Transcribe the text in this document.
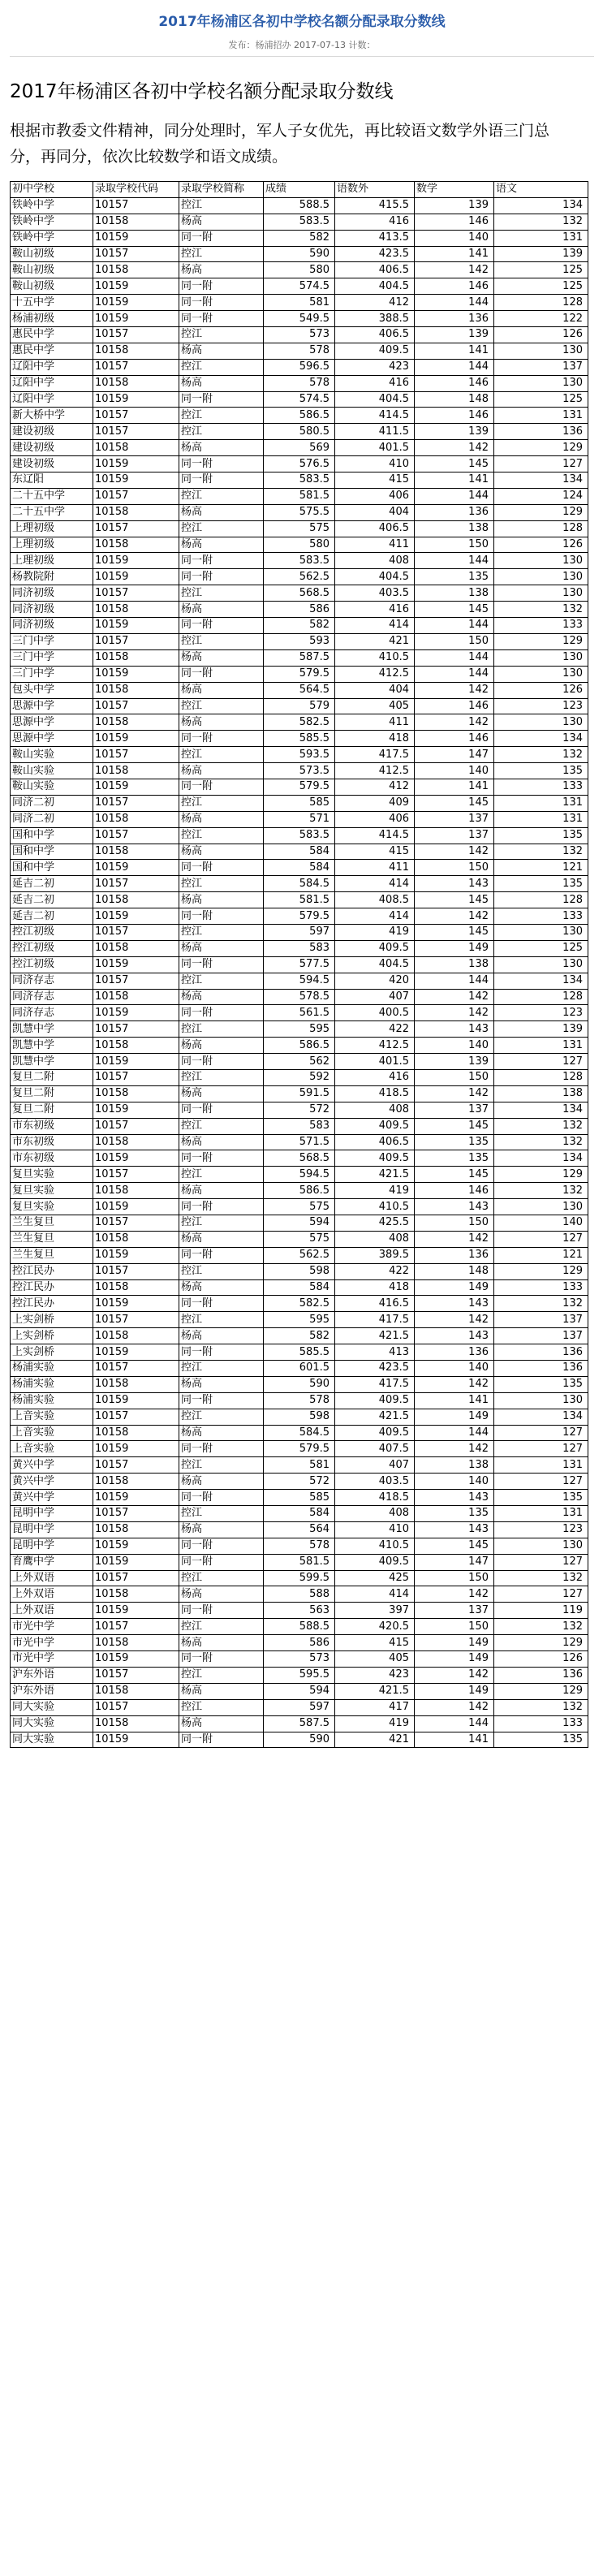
2017年杨浦区各初中学校名额分配录取分数线
发布：杨浦招办 2017-07-13 计数：
2017年杨浦区各初中学校名额分配录取分数线

根据市教委文件精神，同分处理时，军人子女优先，再比较语文数学外语三门总分，再同分，依次比较数学和语文成绩。

初中学校	录取学校代码	录取学校简称	成绩	语数外	数学	语文
铁岭中学	10157	控江	588.5	415.5	139	134
铁岭中学	10158	杨高	583.5	416	146	132
铁岭中学	10159	同一附	582	413.5	140	131
鞍山初级	10157	控江	590	423.5	141	139
鞍山初级	10158	杨高	580	406.5	142	125
鞍山初级	10159	同一附	574.5	404.5	146	125
十五中学	10159	同一附	581	412	144	128
杨浦初级	10159	同一附	549.5	388.5	136	122
惠民中学	10157	控江	573	406.5	139	126
惠民中学	10158	杨高	578	409.5	141	130
辽阳中学	10157	控江	596.5	423	144	137
辽阳中学	10158	杨高	578	416	146	130
辽阳中学	10159	同一附	574.5	404.5	148	125
新大桥中学	10157	控江	586.5	414.5	146	131
建设初级	10157	控江	580.5	411.5	139	136
建设初级	10158	杨高	569	401.5	142	129
建设初级	10159	同一附	576.5	410	145	127
东辽阳	10159	同一附	583.5	415	141	134
二十五中学	10157	控江	581.5	406	144	124
二十五中学	10158	杨高	575.5	404	136	129
上理初级	10157	控江	575	406.5	138	128
上理初级	10158	杨高	580	411	150	126
上理初级	10159	同一附	583.5	408	144	130
杨教院附	10159	同一附	562.5	404.5	135	130
同济初级	10157	控江	568.5	403.5	138	130
同济初级	10158	杨高	586	416	145	132
同济初级	10159	同一附	582	414	144	133
三门中学	10157	控江	593	421	150	129
三门中学	10158	杨高	587.5	410.5	144	130
三门中学	10159	同一附	579.5	412.5	144	130
包头中学	10158	杨高	564.5	404	142	126
思源中学	10157	控江	579	405	146	123
思源中学	10158	杨高	582.5	411	142	130
思源中学	10159	同一附	585.5	418	146	134
鞍山实验	10157	控江	593.5	417.5	147	132
鞍山实验	10158	杨高	573.5	412.5	140	135
鞍山实验	10159	同一附	579.5	412	141	133
同济二初	10157	控江	585	409	145	131
同济二初	10158	杨高	571	406	137	131
国和中学	10157	控江	583.5	414.5	137	135
国和中学	10158	杨高	584	415	142	132
国和中学	10159	同一附	584	411	150	121
延吉二初	10157	控江	584.5	414	143	135
延吉二初	10158	杨高	581.5	408.5	145	128
延吉二初	10159	同一附	579.5	414	142	133
控江初级	10157	控江	597	419	145	130
控江初级	10158	杨高	583	409.5	149	125
控江初级	10159	同一附	577.5	404.5	138	130
同济存志	10157	控江	594.5	420	144	134
同济存志	10158	杨高	578.5	407	142	128
同济存志	10159	同一附	561.5	400.5	142	123
凯慧中学	10157	控江	595	422	143	139
凯慧中学	10158	杨高	586.5	412.5	140	131
凯慧中学	10159	同一附	562	401.5	139	127
复旦二附	10157	控江	592	416	150	128
复旦二附	10158	杨高	591.5	418.5	142	138
复旦二附	10159	同一附	572	408	137	134
市东初级	10157	控江	583	409.5	145	132
市东初级	10158	杨高	571.5	406.5	135	132
市东初级	10159	同一附	568.5	409.5	135	134
复旦实验	10157	控江	594.5	421.5	145	129
复旦实验	10158	杨高	586.5	419	146	132
复旦实验	10159	同一附	575	410.5	143	130
兰生复旦	10157	控江	594	425.5	150	140
兰生复旦	10158	杨高	575	408	142	127
兰生复旦	10159	同一附	562.5	389.5	136	121
控江民办	10157	控江	598	422	148	129
控江民办	10158	杨高	584	418	149	133
控江民办	10159	同一附	582.5	416.5	143	132
上实剑桥	10157	控江	595	417.5	142	137
上实剑桥	10158	杨高	582	421.5	143	137
上实剑桥	10159	同一附	585.5	413	136	136
杨浦实验	10157	控江	601.5	423.5	140	136
杨浦实验	10158	杨高	590	417.5	142	135
杨浦实验	10159	同一附	578	409.5	141	130
上音实验	10157	控江	598	421.5	149	134
上音实验	10158	杨高	584.5	409.5	144	127
上音实验	10159	同一附	579.5	407.5	142	127
黄兴中学	10157	控江	581	407	138	131
黄兴中学	10158	杨高	572	403.5	140	127
黄兴中学	10159	同一附	585	418.5	143	135
昆明中学	10157	控江	584	408	135	131
昆明中学	10158	杨高	564	410	143	123
昆明中学	10159	同一附	578	410.5	145	130
育鹰中学	10159	同一附	581.5	409.5	147	127
上外双语	10157	控江	599.5	425	150	132
上外双语	10158	杨高	588	414	142	127
上外双语	10159	同一附	563	397	137	119
市光中学	10157	控江	588.5	420.5	150	132
市光中学	10158	杨高	586	415	149	129
市光中学	10159	同一附	573	405	149	126
沪东外语	10157	控江	595.5	423	142	136
沪东外语	10158	杨高	594	421.5	149	129
同大实验	10157	控江	597	417	142	132
同大实验	10158	杨高	587.5	419	144	133
同大实验	10159	同一附	590	421	141	135
